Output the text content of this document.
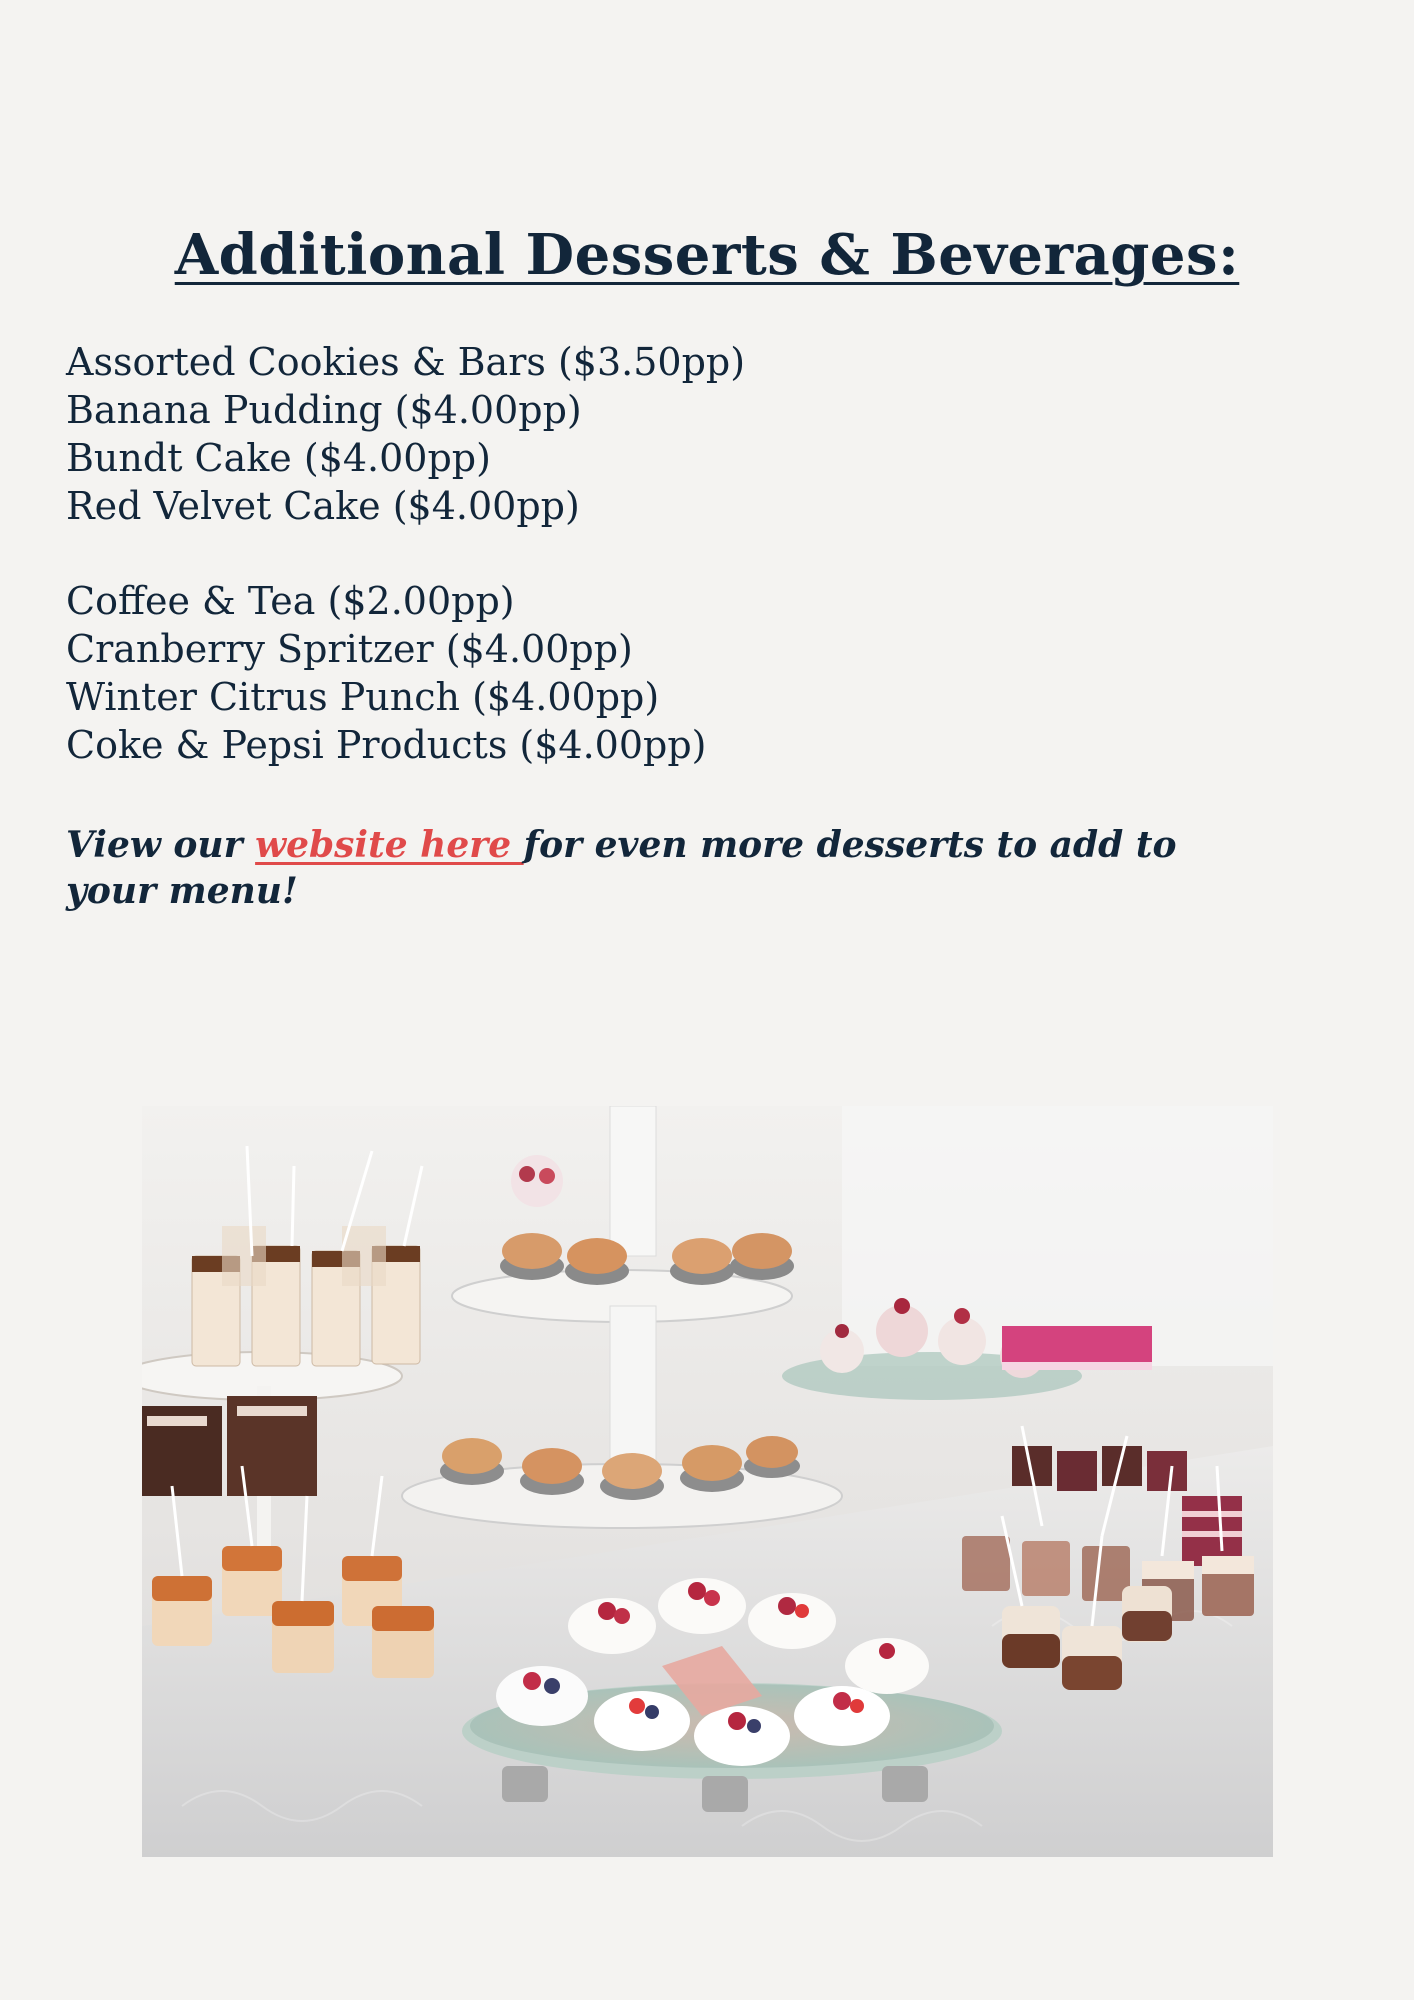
Additional Desserts & Beverages:
Assorted Cookies & Bars ($3.50pp)
Banana Pudding ($4.00pp)
Bundt Cake ($4.00pp)
Red Velvet Cake ($4.00pp)
Coffee & Tea ($2.00pp)
Cranberry Spritzer ($4.00pp)
Winter Citrus Punch ($4.00pp)
Coke & Pepsi Products ($4.00pp)

View our website here for even more desserts to add to your menu!
